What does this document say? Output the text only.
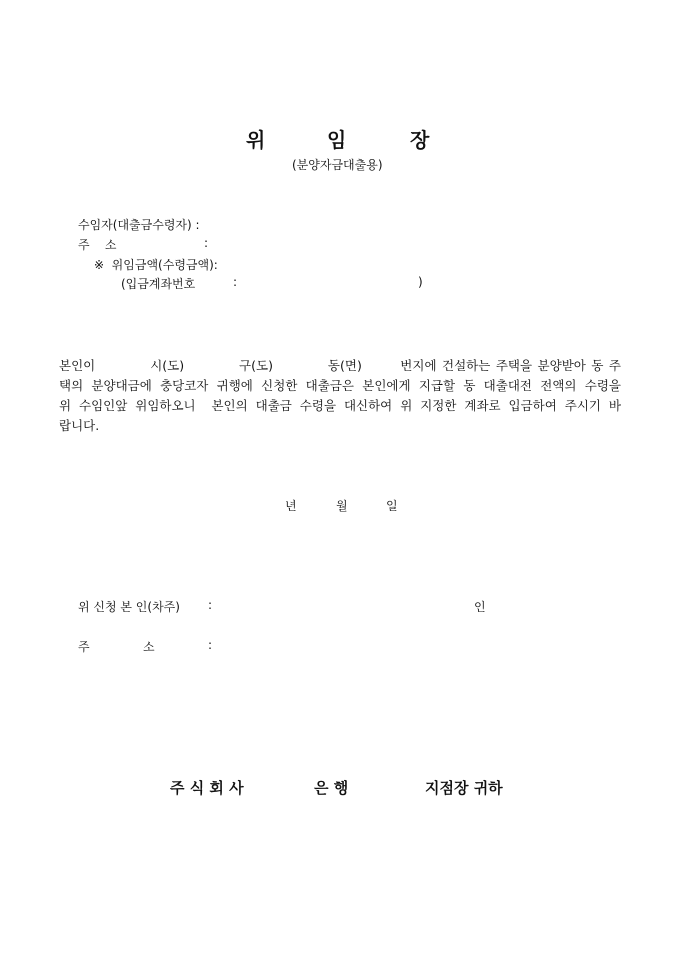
위	임	장
(분양자금대출용)
수임자(대출금수령자) :
주    소	:
※  위임금액(수령금액):
(입금계좌번호	:	)
본인이          시(도)          구(도)          동(면)       번지에 건설하는 주택을 분양받아 동 주
택의 분양대금에 충당코자 귀행에 신청한 대출금은 본인에게 지급할 동 대출대전 전액의 수령을
위 수임인앞 위임하오니  본인의 대출금 수령을 대신하여 위 지정한 계좌로 입금하여 주시기 바
랍니다.
년	월	일
위 신청 본 인(차주) :	인
주              소	:
주 식 회 사	은 행	지점장 귀하
